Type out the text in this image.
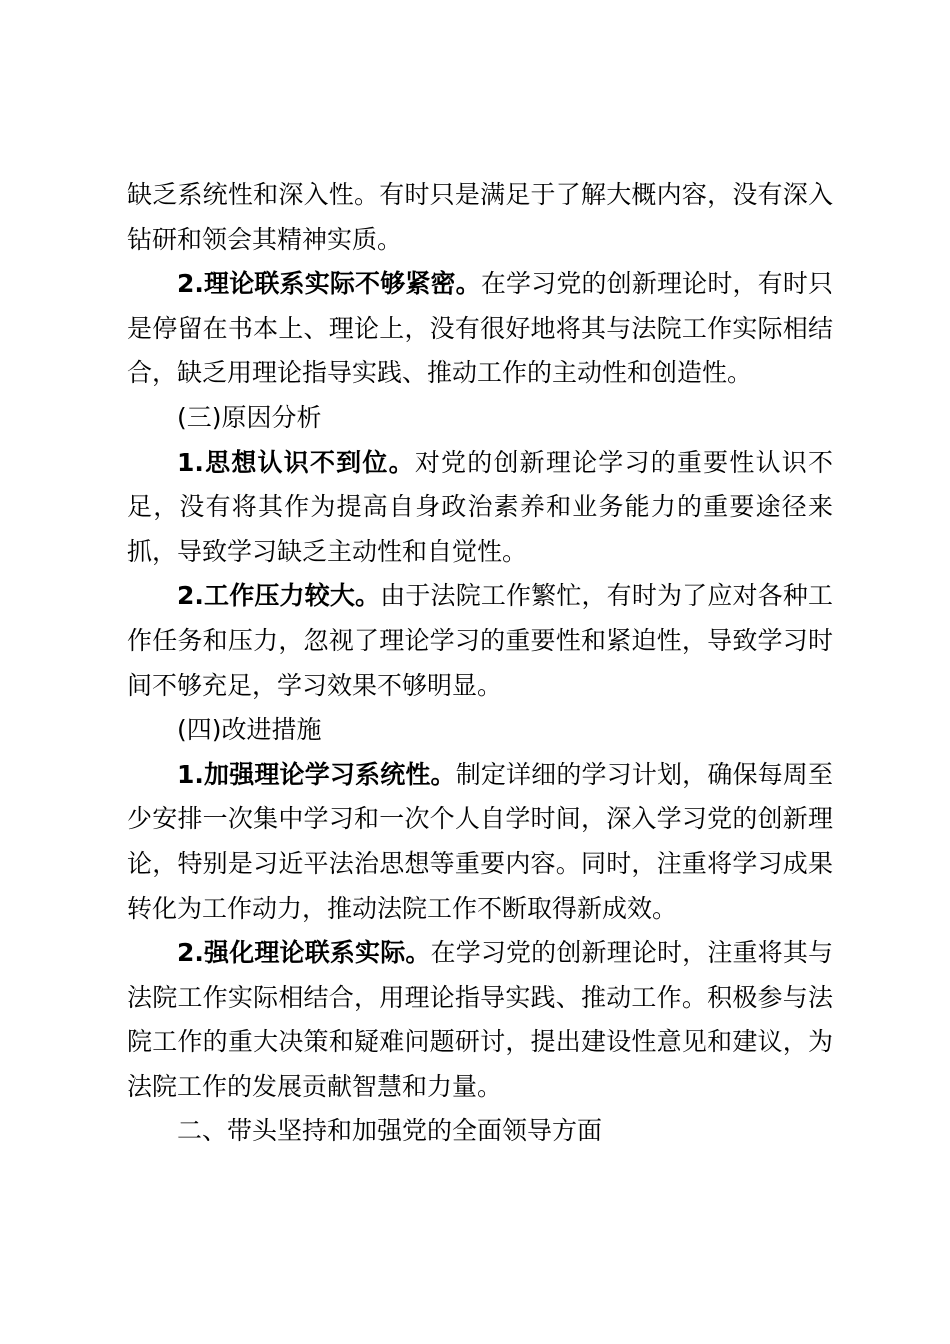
缺乏系统性和深入性。有时只是满足于了解大概内容，没有深入钻研和领会其精神实质。

2.理论联系实际不够紧密。在学习党的创新理论时，有时只是停留在书本上、理论上，没有很好地将其与法院工作实际相结合，缺乏用理论指导实践、推动工作的主动性和创造性。

(三)原因分析

1.思想认识不到位。对党的创新理论学习的重要性认识不足，没有将其作为提高自身政治素养和业务能力的重要途径来抓，导致学习缺乏主动性和自觉性。

2.工作压力较大。由于法院工作繁忙，有时为了应对各种工作任务和压力，忽视了理论学习的重要性和紧迫性，导致学习时间不够充足，学习效果不够明显。

(四)改进措施

1.加强理论学习系统性。制定详细的学习计划，确保每周至少安排一次集中学习和一次个人自学时间，深入学习党的创新理论，特别是习近平法治思想等重要内容。同时，注重将学习成果转化为工作动力，推动法院工作不断取得新成效。

2.强化理论联系实际。在学习党的创新理论时，注重将其与法院工作实际相结合，用理论指导实践、推动工作。积极参与法院工作的重大决策和疑难问题研讨，提出建设性意见和建议，为法院工作的发展贡献智慧和力量。

二、带头坚持和加强党的全面领导方面
